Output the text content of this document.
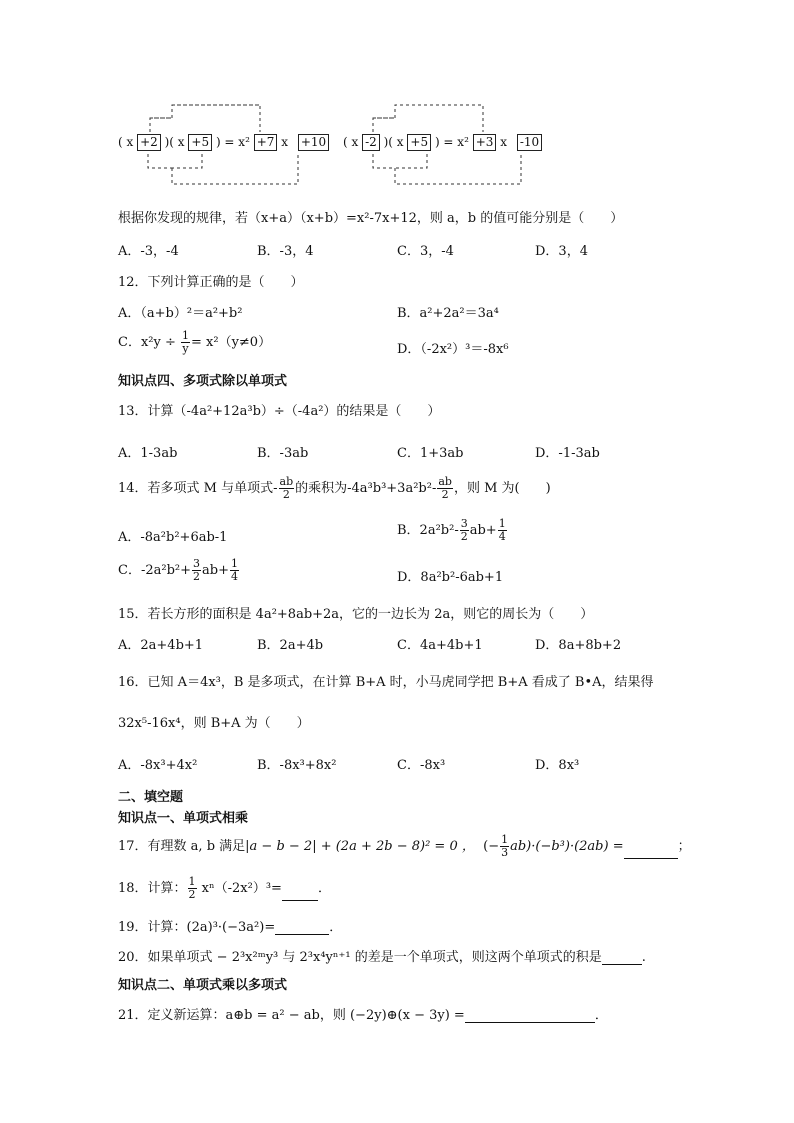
( x +2 )( x +5 ) = x² +7 x +10 ( x -2 )( x +5 ) = x² +3 x -10
根据你发现的规律，若（x+a）（x+b）=x²-7x+12，则 a，b 的值可能分别是（　　）
A．-3，-4	B．-3，4	C．3，-4	D．3，4
12．下列计算正确的是（　　）
A．（a+b）²＝a²+b²	B．a²+2a²＝3a⁴
C．$x^2y \div \frac{1}{y} = x^2(y\ne 0)$	D．（-2x²）³＝-8x⁶
知识点四、多项式除以单项式
13．计算（-4a²+12a³b）÷（-4a²）的结果是（　　）
A．1-3ab	B．-3ab	C．1+3ab	D．-1-3ab
14．若多项式 M 与单项式- $\frac{ab}{2}$ 的乘积为$-4a^3b^3+3a^2b^2- \frac{ab}{2}$ ，则 M 为(　　)
A．-8a²b²+6ab-1	B．$2a^2b^2- \frac{3}{2} ab+ \frac{1}{4}$
C．$-2a^2b^2+ \frac{3}{2} ab+ \frac{1}{4}$	D．8a²b²-6ab+1
15．若长方形的面积是 4a²+8ab+2a，它的一边长为 2a，则它的周长为（　　）
A．2a+4b+1	B．2a+4b	C．4a+4b+1	D．8a+8b+2
16．已知 A＝4x³，B 是多项式，在计算 B+A 时，小马虎同学把 B+A 看成了 B•A，结果得
32x⁵-16x⁴，则 B+A 为（　　）
A．-8x³+4x²	B．-8x³+8x²	C．-8x³	D．8x³
二、填空题
知识点一、单项式相乘
17．有理数 a, b 满足|a − b − 2| + (2a + 2b − 8)² = 0 ， (− $\frac{1}{3} ab)\cdot(-b^3)\cdot(2ab)$ =	；
18．计算： $\frac{1}{2} x^n(-2x^2)^3=$	．
19．计算：(2a)³·(−3a²)=	．
20．如果单项式 − 2³x²ᵐy³ 与 2³x⁴yⁿ⁺¹ 的差是一个单项式，则这两个单项式的积是	.
知识点二、单项式乘以多项式
21．定义新运算：a⊕b = a² − ab，则 (−2y)⊕(x − 3y) =	．
